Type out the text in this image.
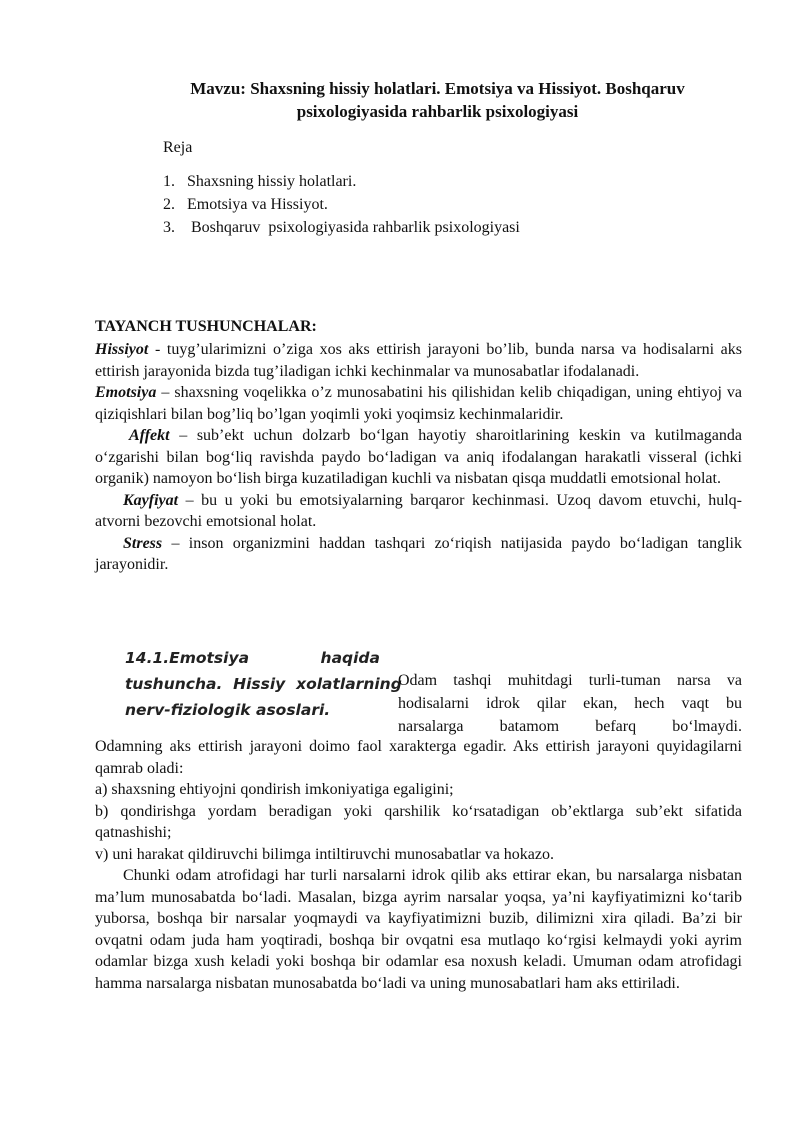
Mavzu: Shaxsning hissiy holatlari. Emotsiya va Hissiyot. Boshqaruv
psixologiyasida rahbarlik psixologiyasi
Reja
1. Shaxsning hissiy holatlari.
2. Emotsiya va Hissiyot.
3. Boshqaruv  psixologiyasida rahbarlik psixologiyasi
TAYANCH TUSHUNCHALAR:

Hissiyot - tuyg’ularimizni o’ziga xos aks ettirish jarayoni bo’lib, bunda narsa va hodisalarni aks ettirish jarayonida bizda tug’iladigan ichki kechinmalar va munosabatlar ifodalanadi.

Emotsiya – shaxsning voqelikka o’z munosabatini his qilishidan kelib chiqadigan, uning ehtiyoj va qiziqishlari bilan bog’liq bo’lgan yoqimli yoki yoqimsiz kechinmalaridir.

Affekt – sub’ekt uchun dolzarb bo‘lgan hayotiy sharoitlarining keskin va kutilmaganda o‘zgarishi bilan bog‘liq ravishda paydo bo‘ladigan va aniq ifodalangan harakatli visseral (ichki organik) namoyon bo‘lish birga kuzatiladigan kuchli va nisbatan qisqa muddatli emotsional holat.

Kayfiyat – bu u yoki bu emotsiyalarning barqaror kechinmasi. Uzoq davom etuvchi, hulq-atvorni bezovchi emotsional holat.

Stress – inson organizmini haddan tashqari zo‘riqish natijasida paydo bo‘ladigan tanglik jarayonidir.

14.1.Emotsiya	haqida
tushuncha.  Hissiy  xolatlarning
nerv-fiziologik asoslari.
Odam tashqi muhitdagi turli-tuman narsa va
hodisalarni idrok qilar ekan, hech vaqt bu
narsalarga batamom befarq bo‘lmaydi.

Odamning aks ettirish jarayoni doimo faol xarakterga egadir. Aks ettirish jarayoni quyidagilarni qamrab oladi:

a) shaxsning ehtiyojni qondirish imkoniyatiga egaligini;

b) qondirishga yordam beradigan yoki qarshilik ko‘rsatadigan ob’ektlarga sub’ekt sifatida qatnashishi;

v) uni harakat qildiruvchi bilimga intiltiruvchi munosabatlar va hokazo.

Chunki odam atrofidagi har turli narsalarni idrok qilib aks ettirar ekan, bu narsalarga nisbatan ma’lum munosabatda bo‘ladi. Masalan, bizga ayrim narsalar yoqsa, ya’ni kayfiyatimizni ko‘tarib yuborsa, boshqa bir narsalar yoqmaydi va kayfiyatimizni buzib, dilimizni xira qiladi. Ba’zi bir ovqatni odam juda ham yoqtiradi, boshqa bir ovqatni esa mutlaqo ko‘rgisi kelmaydi yoki ayrim odamlar bizga xush keladi yoki boshqa bir odamlar esa noxush keladi. Umuman odam atrofidagi hamma narsalarga nisbatan munosabatda bo‘ladi va uning munosabatlari ham aks ettiriladi.
